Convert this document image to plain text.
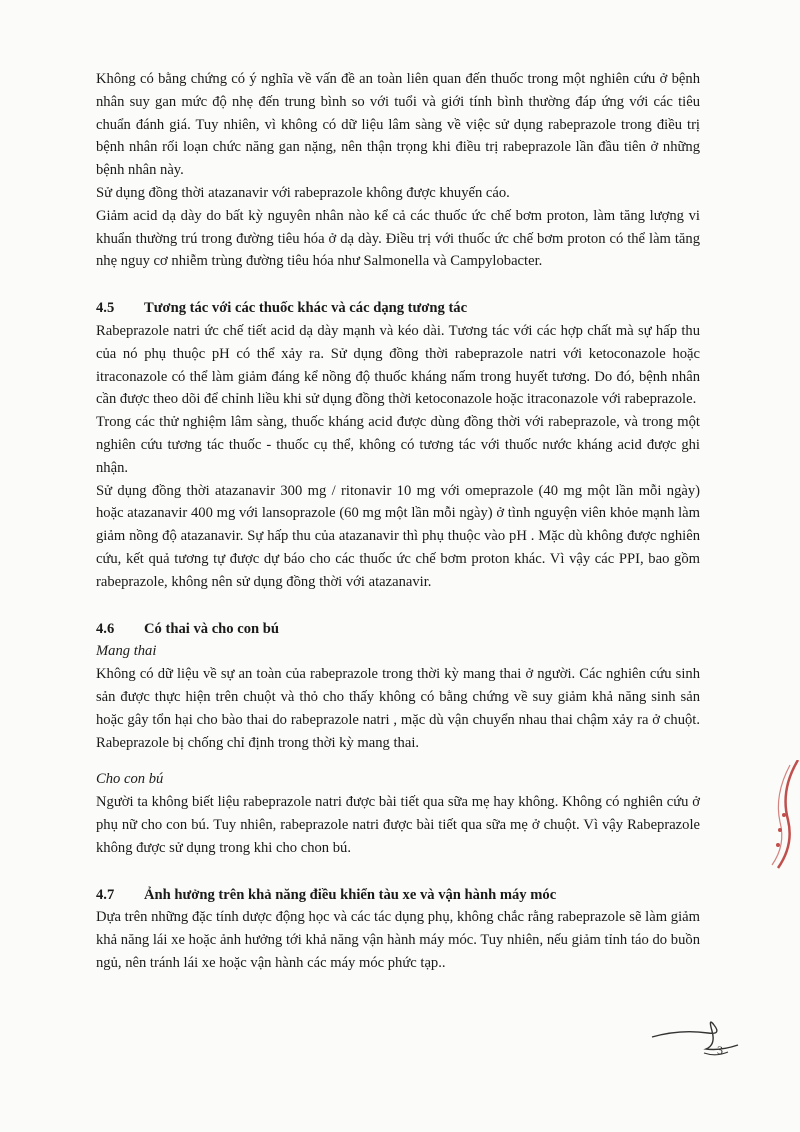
Không có bằng chứng có ý nghĩa về vấn đề an toàn liên quan đến thuốc trong một nghiên cứu ở bệnh nhân suy gan mức độ nhẹ đến trung bình so với tuổi và giới tính bình thường đáp ứng với các tiêu chuẩn đánh giá. Tuy nhiên, vì không có dữ liệu lâm sàng về việc sử dụng rabeprazole trong điều trị bệnh nhân rối loạn chức năng gan nặng, nên thận trọng khi điều trị rabeprazole lần đầu tiên ở những bệnh nhân này.

Sử dụng đồng thời atazanavir với rabeprazole không được khuyến cáo.

Giảm acid dạ dày do bất kỳ nguyên nhân nào kể cả các thuốc ức chế bơm proton, làm tăng lượng vi khuẩn thường trú trong đường tiêu hóa ở dạ dày. Điều trị với thuốc ức chế bơm proton có thể làm tăng nhẹ nguy cơ nhiễm trùng đường tiêu hóa như Salmonella và Campylobacter.

4.5	Tương tác với các thuốc khác và các dạng tương tác

Rabeprazole natri ức chế tiết acid dạ dày mạnh và kéo dài. Tương tác với các hợp chất mà sự hấp thu của nó phụ thuộc pH có thể xảy ra. Sử dụng đồng thời rabeprazole natri với ketoconazole hoặc itraconazole có thể làm giảm đáng kể nồng độ thuốc kháng nấm trong huyết tương. Do đó, bệnh nhân cần được theo dõi để chỉnh liều khi sử dụng đồng thời ketoconazole hoặc itraconazole với rabeprazole.

Trong các thử nghiệm lâm sàng, thuốc kháng acid được dùng đồng thời với rabeprazole, và trong một nghiên cứu tương tác thuốc - thuốc cụ thể, không có tương tác với thuốc nước kháng acid được ghi nhận.

Sử dụng đồng thời atazanavir 300 mg / ritonavir 10 mg với omeprazole (40 mg một lần mỗi ngày) hoặc atazanavir 400 mg với lansoprazole (60 mg một lần mỗi ngày) ở tình nguyện viên khỏe mạnh làm giảm nồng độ atazanavir. Sự hấp thu của atazanavir thì phụ thuộc vào pH . Mặc dù không được nghiên cứu, kết quả tương tự được dự báo cho các thuốc ức chế bơm proton khác. Vì vậy các PPI, bao gồm rabeprazole, không nên sử dụng đồng thời với atazanavir.

4.6	Có thai và cho con bú

Mang thai

Không có dữ liệu về sự an toàn của rabeprazole trong thời kỳ mang thai ở người. Các nghiên cứu sinh sản được thực hiện trên chuột và thỏ cho thấy không có bằng chứng về suy giảm khả năng sinh sản hoặc gây tổn hại cho bào thai do rabeprazole natri , mặc dù vận chuyển nhau thai chậm xảy ra ở chuột. Rabeprazole bị chống chỉ định trong thời kỳ mang thai.

Cho con bú

Người ta không biết liệu rabeprazole natri được bài tiết qua sữa mẹ hay không. Không có nghiên cứu ở phụ nữ cho con bú. Tuy nhiên, rabeprazole natri được bài tiết qua sữa mẹ ở chuột. Vì vậy Rabeprazole không được sử dụng trong khi cho chon bú.

4.7	Ảnh hưởng trên khả năng điều khiển tàu xe và vận hành máy móc

Dựa trên những đặc tính dược động học và các tác dụng phụ, không chắc rằng rabeprazole sẽ làm giảm khả năng lái xe hoặc ảnh hưởng tới khả năng vận hành máy móc. Tuy nhiên, nếu giảm tỉnh táo do buồn ngủ, nên tránh lái xe hoặc vận hành các máy móc phức tạp..

3
